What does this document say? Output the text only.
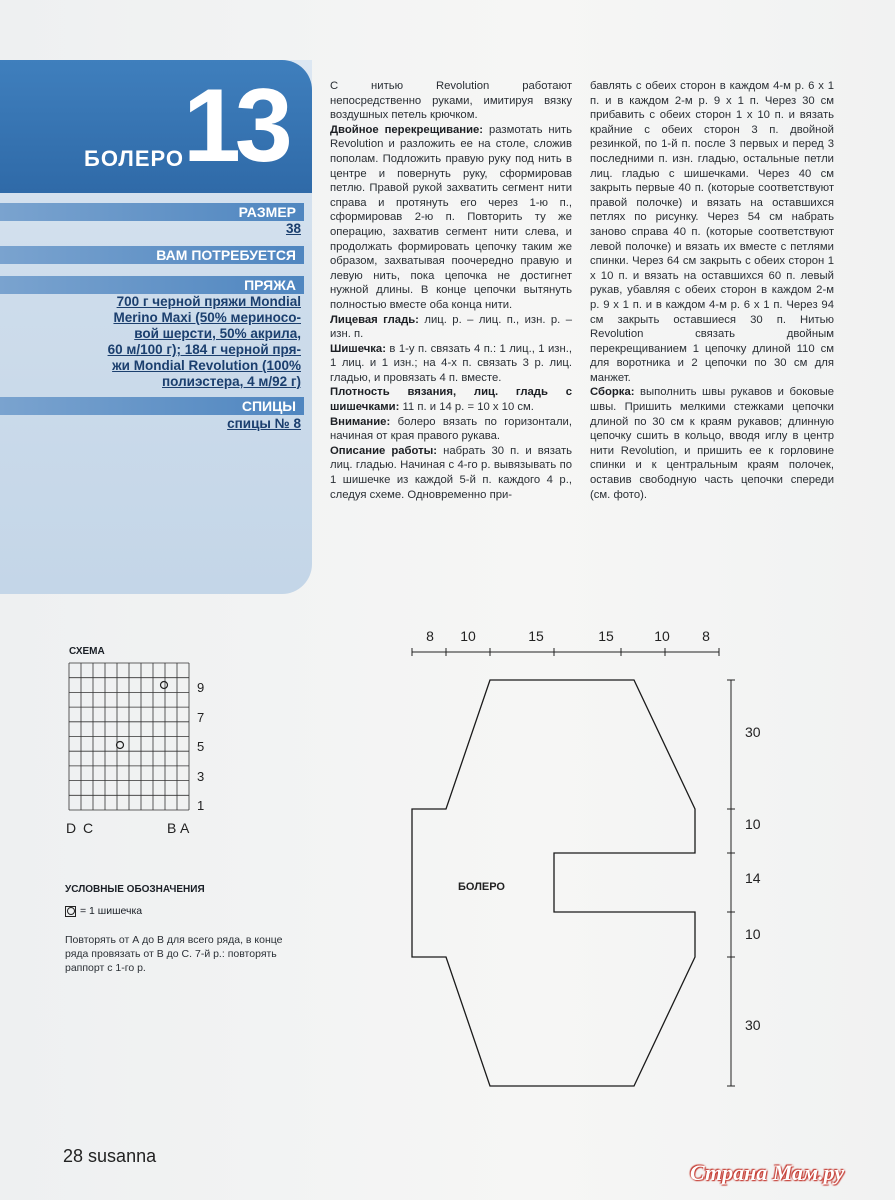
БОЛЕРО 13
РАЗМЕР
38
ВАМ ПОТРЕБУЕТСЯ
ПРЯЖА
700 г черной пряжи Mondial
Merino Maxi (50% мериносо-
вой шерсти, 50% акрила,
60 м/100 г); 184 г черной пря-
жи Mondial Revolution (100%
полиэстера, 4 м/92 г)
СПИЦЫ
спицы № 8

С нитью Revolution работают непосредственно руками, имитируя вязку воздушных петель крючком.

Двойное перекрещивание: размотать нить Revolution и разложить ее на столе, сложив пополам. Подложить правую руку под нить в центре и повернуть руку, сформировав петлю. Правой рукой захватить сегмент нити справа и протянуть его через 1-ю п., сформировав 2-ю п. Повторить ту же операцию, захватив сегмент нити слева, и продолжать формировать цепочку таким же образом, захватывая поочередно правую и левую нить, пока цепочка не достигнет нужной длины. В конце цепочки вытянуть полностью вместе оба конца нити.

Лицевая гладь: лиц. р. – лиц. п., изн. р. – изн. п.

Шишечка: в 1-у п. связать 4 п.: 1 лиц., 1 изн., 1 лиц. и 1 изн.; на 4-х п. связать 3 р. лиц. гладью, и провязать 4 п. вместе.

Плотность вязания, лиц. гладь с шишечками: 11 п. и 14 р. = 10 х 10 см.

Внимание: болеро вязать по горизонтали, начиная от края правого рукава.

Описание работы: набрать 30 п. и вязать лиц. гладью. Начиная с 4-го р. вывязывать по 1 шишечке из каждой 5-й п. каждого 4 р., следуя схеме. Одновременно при-

бавлять с обеих сторон в каждом 4-м р. 6 х 1 п. и в каждом 2-м р. 9 х 1 п. Через 30 см прибавить с обеих сторон 1 х 10 п. и вязать крайние с обеих сторон 3 п. двойной резинкой, по 1-й п. после 3 первых и перед 3 последними п. изн. гладью, остальные петли лиц. гладью с шишечками. Через 40 см закрыть первые 40 п. (которые соответствуют правой полочке) и вязать на оставшихся петлях по рисунку. Через 54 см набрать заново справа 40 п. (которые соответствуют левой полочке) и вязать их вместе с петлями спинки. Через 64 см закрыть с обеих сторон 1 х 10 п. и вязать на оставшихся 60 п. левый рукав, убавляя с обеих сторон в каждом 2-м р. 9 х 1 п. и в каждом 4-м р. 6 х 1 п. Через 94 см закрыть оставшиеся 30 п. Нитью Revolution связать двойным перекрещиванием 1 цепочку длиной 110 см для воротника и 2 цепочки по 30 см для манжет.

Сборка: выполнить швы рукавов и боковые швы. Пришить мелкими стежками цепочки длиной по 30 см к краям рукавов; длинную цепочку сшить в кольцо, вводя иглу в центр нити Revolution, и пришить ее к горловине спинки и к центральным краям полочек, оставив свободную часть цепочки спереди (см. фото).

СХЕМА
9
7
5
3
1
D C	B A
УСЛОВНЫЕ ОБОЗНАЧЕНИЯ
= 1 шишечка
Повторять от А до В для всего ряда, в конце ряда провязать от В до С. 7-й р.: повторять раппорт с 1-го р.
8 10	15	15	10 8
30
10
14
10
30
БОЛЕРО
28 susanna
Страна Мам.ру
